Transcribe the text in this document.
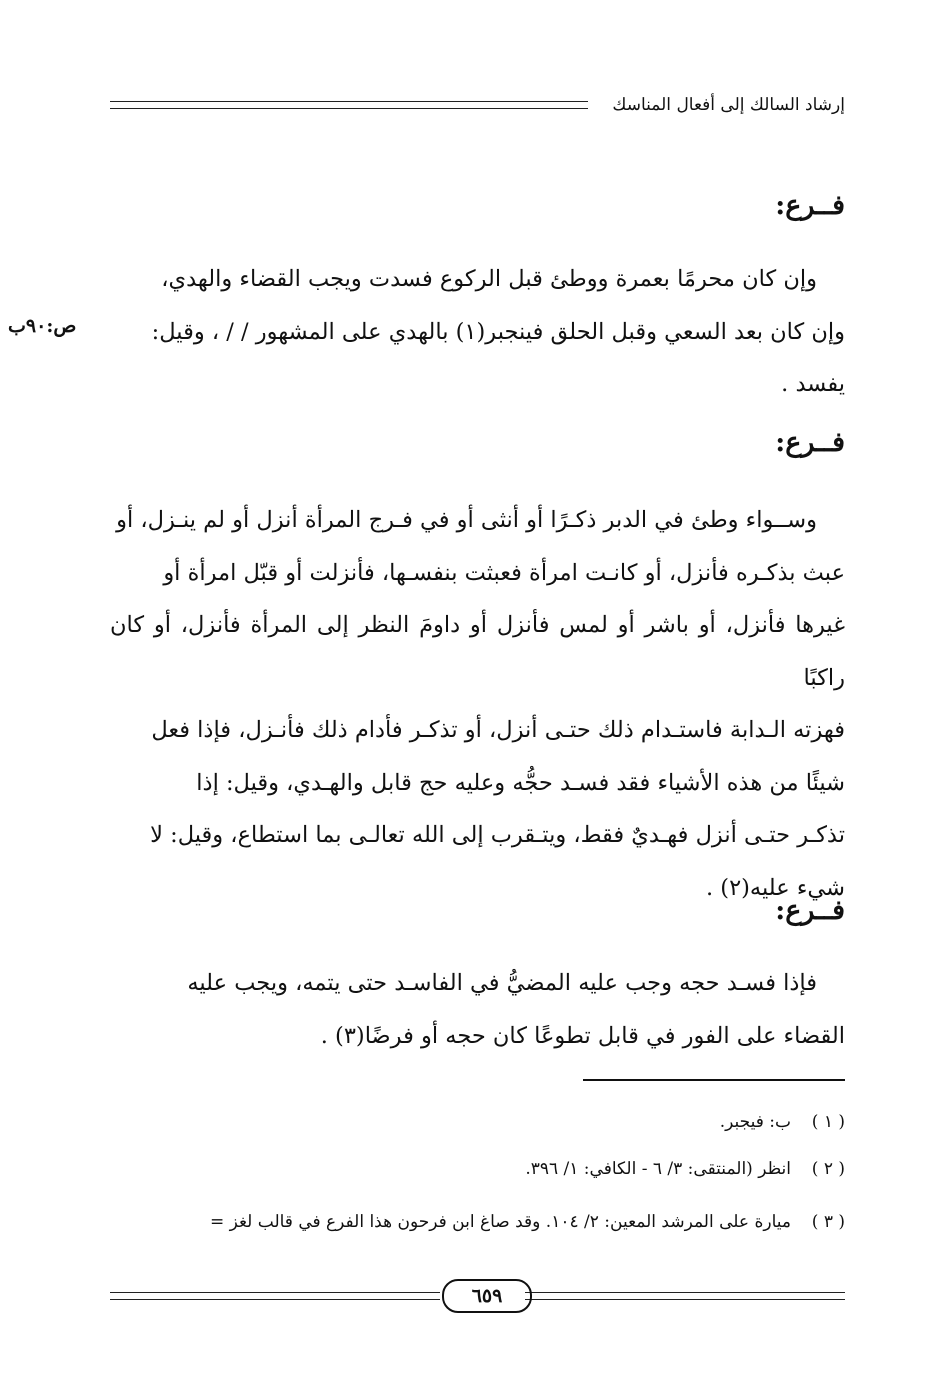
إرشاد السالك إلى أفعال المناسك
فــرع:

وإن كان محرمًا بعمرة ووطئ قبل الركوع فسدت ويجب القضاء والهدي،

وإن كان بعد السعي وقبل الحلق فينجبر(١) بالهدي على المشهور / / ، وقيل:

يفسد .

ص:٩٠ب
فــرع:

وســواء وطئ في الدبر ذكـرًا أو أنثى أو في فـرج المرأة أنزل أو لم ينـزل، أو

عبث بذكـره فأنزل، أو كانـت امرأة فعبثت بنفسـها، فأنزلت أو قبّل امرأة أو

غيرها فأنزل، أو باشر أو لمس فأنزل أو داومَ النظر إلى المرأة فأنزل، أو كان راكبًا

فهزته الـدابة فاستـدام ذلك حتـى أنزل، أو تذكـر فأدام ذلك فأنـزل، فإذا فعل

شيئًا من هذه الأشياء فقد فسـد حجُّه وعليه حج قابل والهـدي، وقيل: إذا

تذكـر حتـى أنزل فهـديٌ فقط، ويتـقرب إلى الله تعالـى بما استطاع، وقيل: لا

شيء عليه(٢) .

فــرع:

فإذا فسـد حجه وجب عليه المضيُّ في الفاسـد حتى يتمه، ويجب عليه

القضاء على الفور في قابل تطوعًا كان حجه أو فرضًا(٣) .

( ١ )ب: فيجبر.
( ٢ )انظر (المنتقى: ٣/ ٦ - الكافي: ١/ ٣٩٦.
( ٣ )ميارة على المرشد المعين: ٢/ ١٠٤. وقد صاغ ابن فرحون هذا الفرع في قالب لغز =
٦٥٩
